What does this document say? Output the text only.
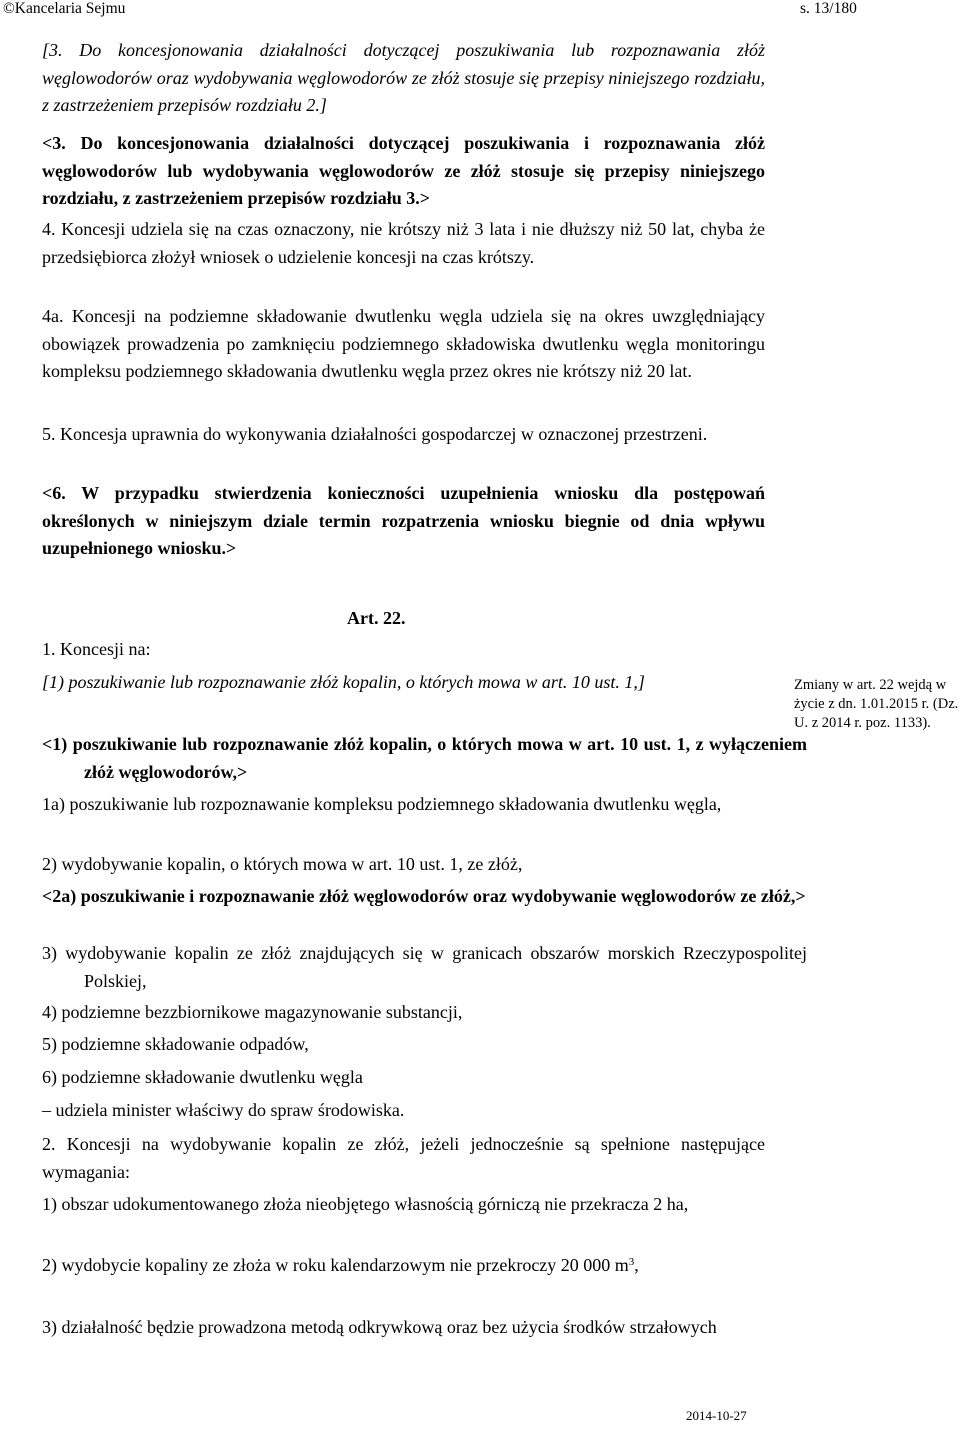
©Kancelaria Sejmu	s. 13/180
[3. Do koncesjonowania działalności dotyczącej poszukiwania lub rozpoznawania złóż węglowodorów oraz wydobywania węglowodorów ze złóż stosuje się przepisy niniejszego rozdziału, z zastrzeżeniem przepisów rozdziału 2.]
<3. Do koncesjonowania działalności dotyczącej poszukiwania i rozpoznawania złóż węglowodorów lub wydobywania węglowodorów ze złóż stosuje się przepisy niniejszego rozdziału, z zastrzeżeniem przepisów rozdziału 3.>
4. Koncesji udziela się na czas oznaczony, nie krótszy niż 3 lata i nie dłuższy niż 50 lat, chyba że przedsiębiorca złożył wniosek o udzielenie koncesji na czas krótszy.
4a. Koncesji na podziemne składowanie dwutlenku węgla udziela się na okres uwzględniający obowiązek prowadzenia po zamknięciu podziemnego składowiska dwutlenku węgla monitoringu kompleksu podziemnego składowania dwutlenku węgla przez okres nie krótszy niż 20 lat.
5. Koncesja uprawnia do wykonywania działalności gospodarczej w oznaczonej przestrzeni.
<6. W przypadku stwierdzenia konieczności uzupełnienia wniosku dla postępowań określonych w niniejszym dziale termin rozpatrzenia wniosku biegnie od dnia wpływu uzupełnionego wniosku.>
Art. 22.
1. Koncesji na:
[1) poszukiwanie lub rozpoznawanie złóż kopalin, o których mowa w art. 10 ust. 1,]
<1) poszukiwanie lub rozpoznawanie złóż kopalin, o których mowa w art. 10 ust. 1, z wyłączeniem złóż węglowodorów,>
1a) poszukiwanie lub rozpoznawanie kompleksu podziemnego składowania dwutlenku węgla,
2) wydobywanie kopalin, o których mowa w art. 10 ust. 1, ze złóż,
<2a) poszukiwanie i rozpoznawanie złóż węglowodorów oraz wydobywanie węglowodorów ze złóż,>
3) wydobywanie kopalin ze złóż znajdujących się w granicach obszarów morskich Rzeczypospolitej Polskiej,
4) podziemne bezzbiornikowe magazynowanie substancji,
5) podziemne składowanie odpadów,
6) podziemne składowanie dwutlenku węgla
– udziela minister właściwy do spraw środowiska.
2. Koncesji na wydobywanie kopalin ze złóż, jeżeli jednocześnie są spełnione następujące wymagania:
1) obszar udokumentowanego złoża nieobjętego własnością górniczą nie przekracza 2 ha,
2) wydobycie kopaliny ze złoża w roku kalendarzowym nie przekroczy 20 000 $m^3$,
3) działalność będzie prowadzona metodą odkrywkową oraz bez użycia środków strzałowych
Zmiany w art. 22 wejdą w życie z dn. 1.01.2015 r. (Dz. U. z 2014 r. poz. 1133).
2014-10-27
